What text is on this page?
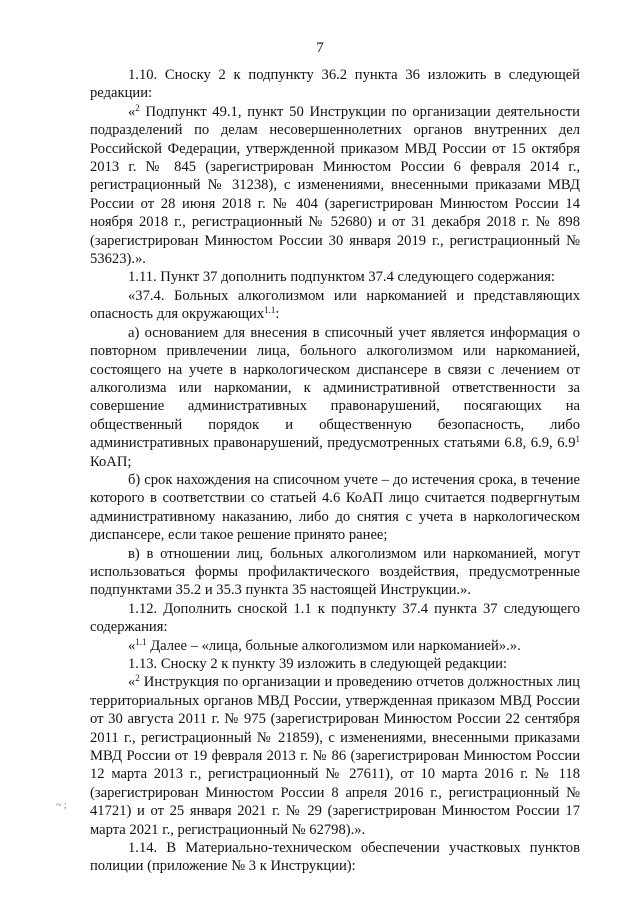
7
~ ;

1.10. Сноску 2 к подпункту 36.2 пункта 36 изложить в следующей редакции:

«$^2$ Подпункт 49.1, пункт 50 Инструкции по организации деятельности подразделений по делам несовершеннолетних органов внутренних дел Российской Федерации, утвержденной приказом МВД России от 15 октября 2013 г. № 845 (зарегистрирован Минюстом России 6 февраля 2014 г., регистрационный № 31238), с изменениями, внесенными приказами МВД России от 28 июня 2018 г. № 404 (зарегистрирован Минюстом России 14 ноября 2018 г., регистрационный № 52680) и от 31 декабря 2018 г. № 898 (зарегистрирован Минюстом России 30 января 2019 г., регистрационный № 53623).».

1.11. Пункт 37 дополнить подпунктом 37.4 следующего содержания:

«37.4. Больных алкоголизмом или наркоманией и представляющих опасность для окружающих$^{1.1}$:

а) основанием для внесения в списочный учет является информация о повторном привлечении лица, больного алкоголизмом или наркоманией, состоящего на учете в наркологическом диспансере в связи с лечением от алкоголизма или наркомании, к административной ответственности за совершение административных правонарушений, посягающих на общественный порядок и общественную безопасность, либо административных правонарушений, предусмотренных статьями 6.8, 6.9, $6.9^1$ КоАП;

б) срок нахождения на списочном учете – до истечения срока, в течение которого в соответствии со статьей 4.6 КоАП лицо считается подвергнутым административному наказанию, либо до снятия с учета в наркологическом диспансере, если такое решение принято ранее;

в) в отношении лиц, больных алкоголизмом или наркоманией, могут использоваться формы профилактического воздействия, предусмотренные подпунктами 35.2 и 35.3 пункта 35 настоящей Инструкции.».

1.12. Дополнить сноской 1.1 к подпункту 37.4 пункта 37 следующего содержания:

«$^{1.1}$ Далее – «лица, больные алкоголизмом или наркоманией».».

1.13. Сноску 2 к пункту 39 изложить в следующей редакции:

«$^2$ Инструкция по организации и проведению отчетов должностных лиц территориальных органов МВД России, утвержденная приказом МВД России от 30 августа 2011 г. № 975 (зарегистрирован Минюстом России 22 сентября 2011 г., регистрационный № 21859), с изменениями, внесенными приказами МВД России от 19 февраля 2013 г. № 86 (зарегистрирован Минюстом России 12 марта 2013 г., регистрационный № 27611), от 10 марта 2016 г. № 118 (зарегистрирован Минюстом России 8 апреля 2016 г., регистрационный № 41721) и от 25 января 2021 г. № 29 (зарегистрирован Минюстом России 17 марта 2021 г., регистрационный № 62798).».

1.14. В Материально-техническом обеспечении участковых пунктов полиции (приложение № 3 к Инструкции):
